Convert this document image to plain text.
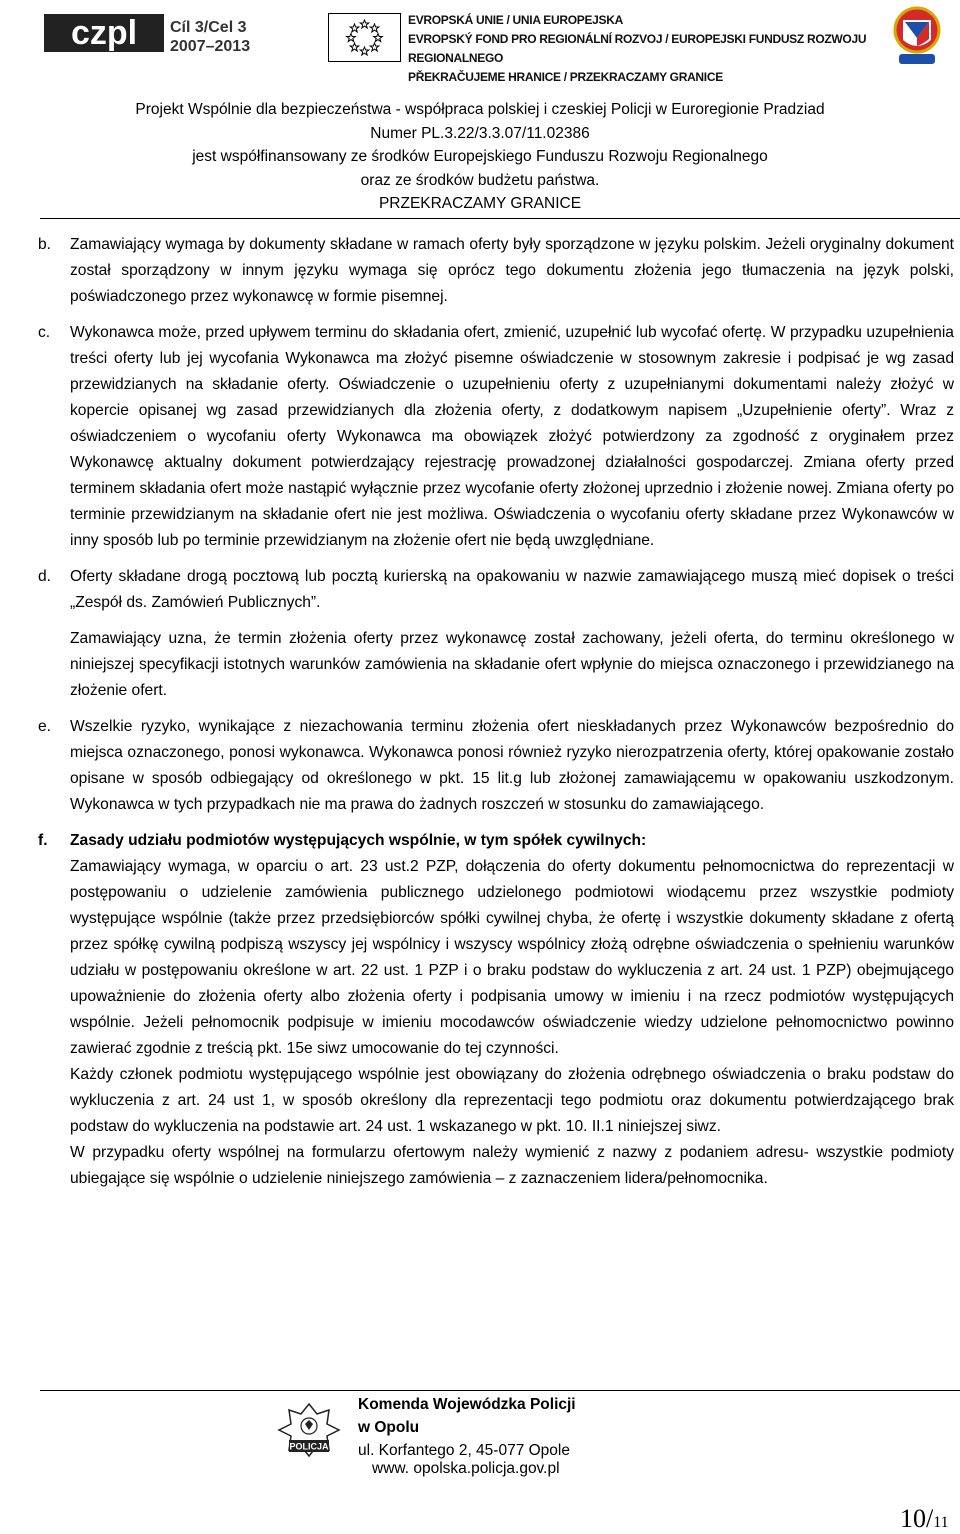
czpl Cíl 3/Cel 3
2007–2013
EVROPSKÁ UNIE / UNIA EUROPEJSKA
EVROPSKÝ FOND PRO REGIONÁLNÍ ROZVOJ / EUROPEJSKI FUNDUSZ ROZWOJU REGIONALNEGO
PŘEKRAČUJEME HRANICE / PRZEKRACZAMY GRANICE
Projekt Wspólnie dla bezpieczeństwa - współpraca polskiej i czeskiej Policji w Euroregionie Pradziad
Numer PL.3.22/3.3.07/11.02386
jest współfinansowany ze środków Europejskiego Funduszu Rozwoju Regionalnego
oraz ze środków budżetu państwa.
PRZEKRACZAMY GRANICE
b. Zamawiający wymaga by dokumenty składane w ramach oferty były sporządzone w języku polskim. Jeżeli oryginalny dokument został sporządzony w innym języku wymaga się oprócz tego dokumentu złożenia jego tłumaczenia na język polski, poświadczonego przez wykonawcę w formie pisemnej.
c. Wykonawca może, przed upływem terminu do składania ofert, zmienić, uzupełnić lub wycofać ofertę. W przypadku uzupełnienia treści oferty lub jej wycofania Wykonawca ma złożyć pisemne oświadczenie w stosownym zakresie i podpisać je wg zasad przewidzianych na składanie oferty. Oświadczenie o uzupełnieniu oferty z uzupełnianymi dokumentami należy złożyć w kopercie opisanej wg zasad przewidzianych dla złożenia oferty, z dodatkowym napisem „Uzupełnienie oferty”. Wraz z oświadczeniem o wycofaniu oferty Wykonawca ma obowiązek złożyć potwierdzony za zgodność z oryginałem przez Wykonawcę aktualny dokument potwierdzający rejestrację prowadzonej działalności gospodarczej. Zmiana oferty przed terminem składania ofert może nastąpić wyłącznie przez wycofanie oferty złożonej uprzednio i złożenie nowej. Zmiana oferty po terminie przewidzianym na składanie ofert nie jest możliwa. Oświadczenia o wycofaniu oferty składane przez Wykonawców w inny sposób lub po terminie przewidzianym na złożenie ofert nie będą uwzględniane.
d. Oferty składane drogą pocztową lub pocztą kurierską na opakowaniu w nazwie zamawiającego muszą mieć dopisek o treści „Zespół ds. Zamówień Publicznych”.
Zamawiający uzna, że termin złożenia oferty przez wykonawcę został zachowany, jeżeli oferta, do terminu określonego w niniejszej specyfikacji istotnych warunków zamówienia na składanie ofert wpłynie do miejsca oznaczonego i przewidzianego na złożenie ofert.
e. Wszelkie ryzyko, wynikające z niezachowania terminu złożenia ofert nieskładanych przez Wykonawców bezpośrednio do miejsca oznaczonego, ponosi wykonawca. Wykonawca ponosi również ryzyko nierozpatrzenia oferty, której opakowanie zostało opisane w sposób odbiegający od określonego w pkt. 15 lit.g lub złożonej zamawiającemu w opakowaniu uszkodzonym. Wykonawca w tych przypadkach nie ma prawa do żadnych roszczeń w stosunku do zamawiającego.
f. Zasady udziału podmiotów występujących wspólnie, w tym spółek cywilnych:
Zamawiający wymaga, w oparciu o art. 23 ust.2 PZP, dołączenia do oferty dokumentu pełnomocnictwa do reprezentacji w postępowaniu o udzielenie zamówienia publicznego udzielonego podmiotowi wiodącemu przez wszystkie podmioty występujące wspólnie (także przez przedsiębiorców spółki cywilnej chyba, że ofertę i wszystkie dokumenty składane z ofertą przez spółkę cywilną podpiszą wszyscy jej wspólnicy i wszyscy wspólnicy złożą odrębne oświadczenia o spełnieniu warunków udziału w postępowaniu określone w art. 22 ust. 1 PZP i o braku podstaw do wykluczenia z art. 24 ust. 1 PZP) obejmującego upoważnienie do złożenia oferty albo złożenia oferty i podpisania umowy w imieniu i na rzecz podmiotów występujących wspólnie. Jeżeli pełnomocnik podpisuje w imieniu mocodawców oświadczenie wiedzy udzielone pełnomocnictwo powinno zawierać zgodnie z treścią pkt. 15e siwz umocowanie do tej czynności.
Każdy członek podmiotu występującego wspólnie jest obowiązany do złożenia odrębnego oświadczenia o braku podstaw do wykluczenia z art. 24 ust 1, w sposób określony dla reprezentacji tego podmiotu oraz dokumentu potwierdzającego brak podstaw do wykluczenia na podstawie art. 24 ust. 1 wskazanego w pkt. 10. II.1 niniejszej siwz.
W przypadku oferty wspólnej na formularzu ofertowym należy wymienić z nazwy z podaniem adresu- wszystkie podmioty ubiegające się wspólnie o udzielenie niniejszego zamówienia – z zaznaczeniem lidera/pełnomocnika.
POLICJA
Komenda Wojewódzka Policji
w Opolu
ul. Korfantego 2, 45-077 Opole
www. opolska.policja.gov.pl
10/11
